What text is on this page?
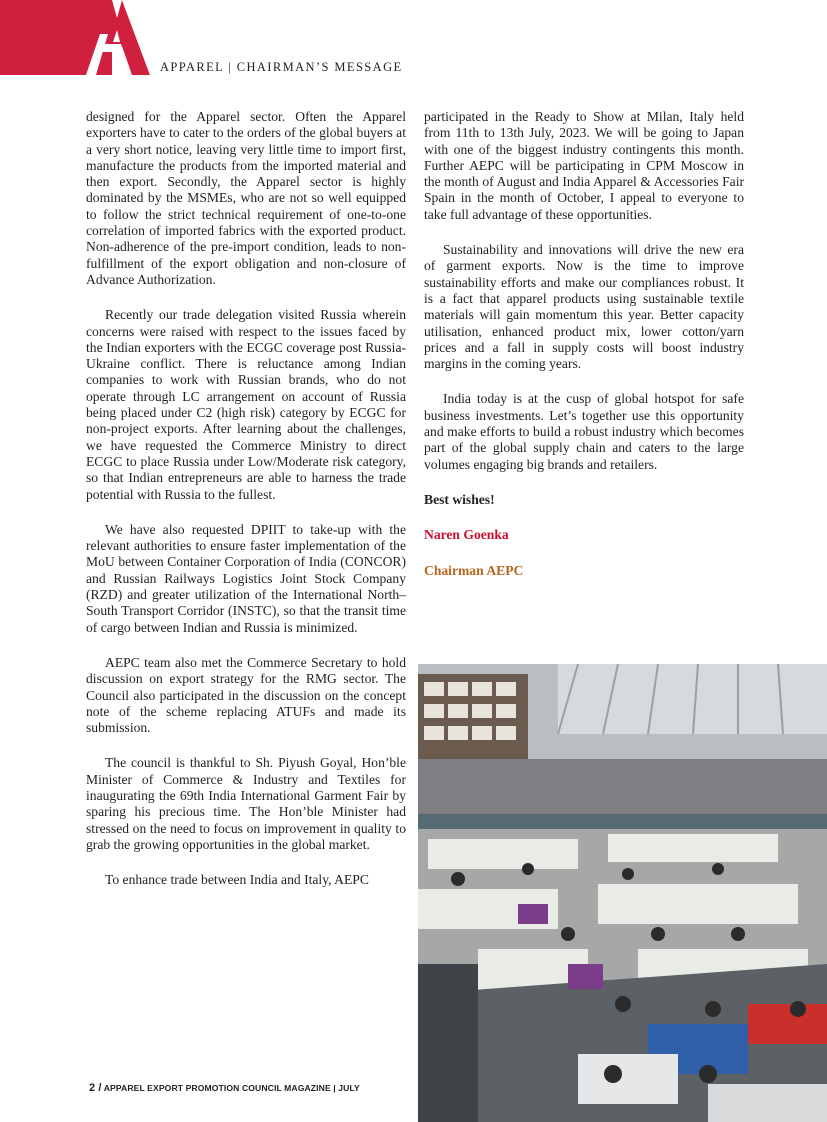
APPAREL | CHAIRMAN’S MESSAGE

designed for the Apparel sector. Often the Apparel exporters have to cater to the orders of the global buyers at a very short notice, leaving very little time to import first, manufacture the products from the imported material and then export. Secondly, the Apparel sector is highly dominated by the MSMEs, who are not so well equipped to follow the strict technical requirement of one-to-one correlation of imported fabrics with the exported product. Non-adherence of the pre-import condition, leads to non-fulfillment of the export obligation and non-closure of Advance Authorization.

Recently our trade delegation visited Russia wherein concerns were raised with respect to the issues faced by the Indian exporters with the ECGC coverage post Russia-Ukraine conflict. There is reluctance among Indian companies to work with Russian brands, who do not operate through LC arrangement on account of Russia being placed under C2 (high risk) category by ECGC for non-project exports. After learning about the challenges, we have requested the Commerce Ministry to direct ECGC to place Russia under Low/Moderate risk category, so that Indian entrepreneurs are able to harness the trade potential with Russia to the fullest.

We have also requested DPIIT to take-up with the relevant authorities to ensure faster implementation of the MoU between Container Corporation of India (CONCOR) and Russian Railways Logistics Joint Stock Company (RZD) and greater utilization of the International North–South Transport Corridor (INSTC), so that the transit time of cargo between Indian and Russia is minimized.

AEPC team also met the Commerce Secretary to hold discussion on export strategy for the RMG sector. The Council also participated in the discussion on the concept note of the scheme replacing ATUFs and made its submission.

The council is thankful to Sh. Piyush Goyal, Hon’ble Minister of Commerce & Industry and Textiles for inaugurating the 69th India International Garment Fair by sparing his precious time. The Hon’ble Minister had stressed on the need to focus on improvement in quality to grab the growing opportunities in the global market.

To enhance trade between India and Italy, AEPC

participated in the Ready to Show at Milan, Italy held from 11th to 13th July, 2023. We will be going to Japan with one of the biggest industry contingents this month. Further AEPC will be participating in CPM Moscow in the month of August and India Apparel & Accessories Fair Spain in the month of October, I appeal to everyone to take full advantage of these opportunities.

Sustainability and innovations will drive the new era of garment exports. Now is the time to improve sustainability efforts and make our compliances robust. It is a fact that apparel products using sustainable textile materials will gain momentum this year. Better capacity utilisation, enhanced product mix, lower cotton/yarn prices and a fall in supply costs will boost industry margins in the coming years.

India today is at the cusp of global hotspot for safe business investments. Let’s together use this opportunity and make efforts to build a robust industry which becomes part of the global supply chain and caters to the large volumes engaging big brands and retailers.

Best wishes!

Naren Goenka

Chairman AEPC

2 / APPAREL EXPORT PROMOTION COUNCIL MAGAZINE | JULY
